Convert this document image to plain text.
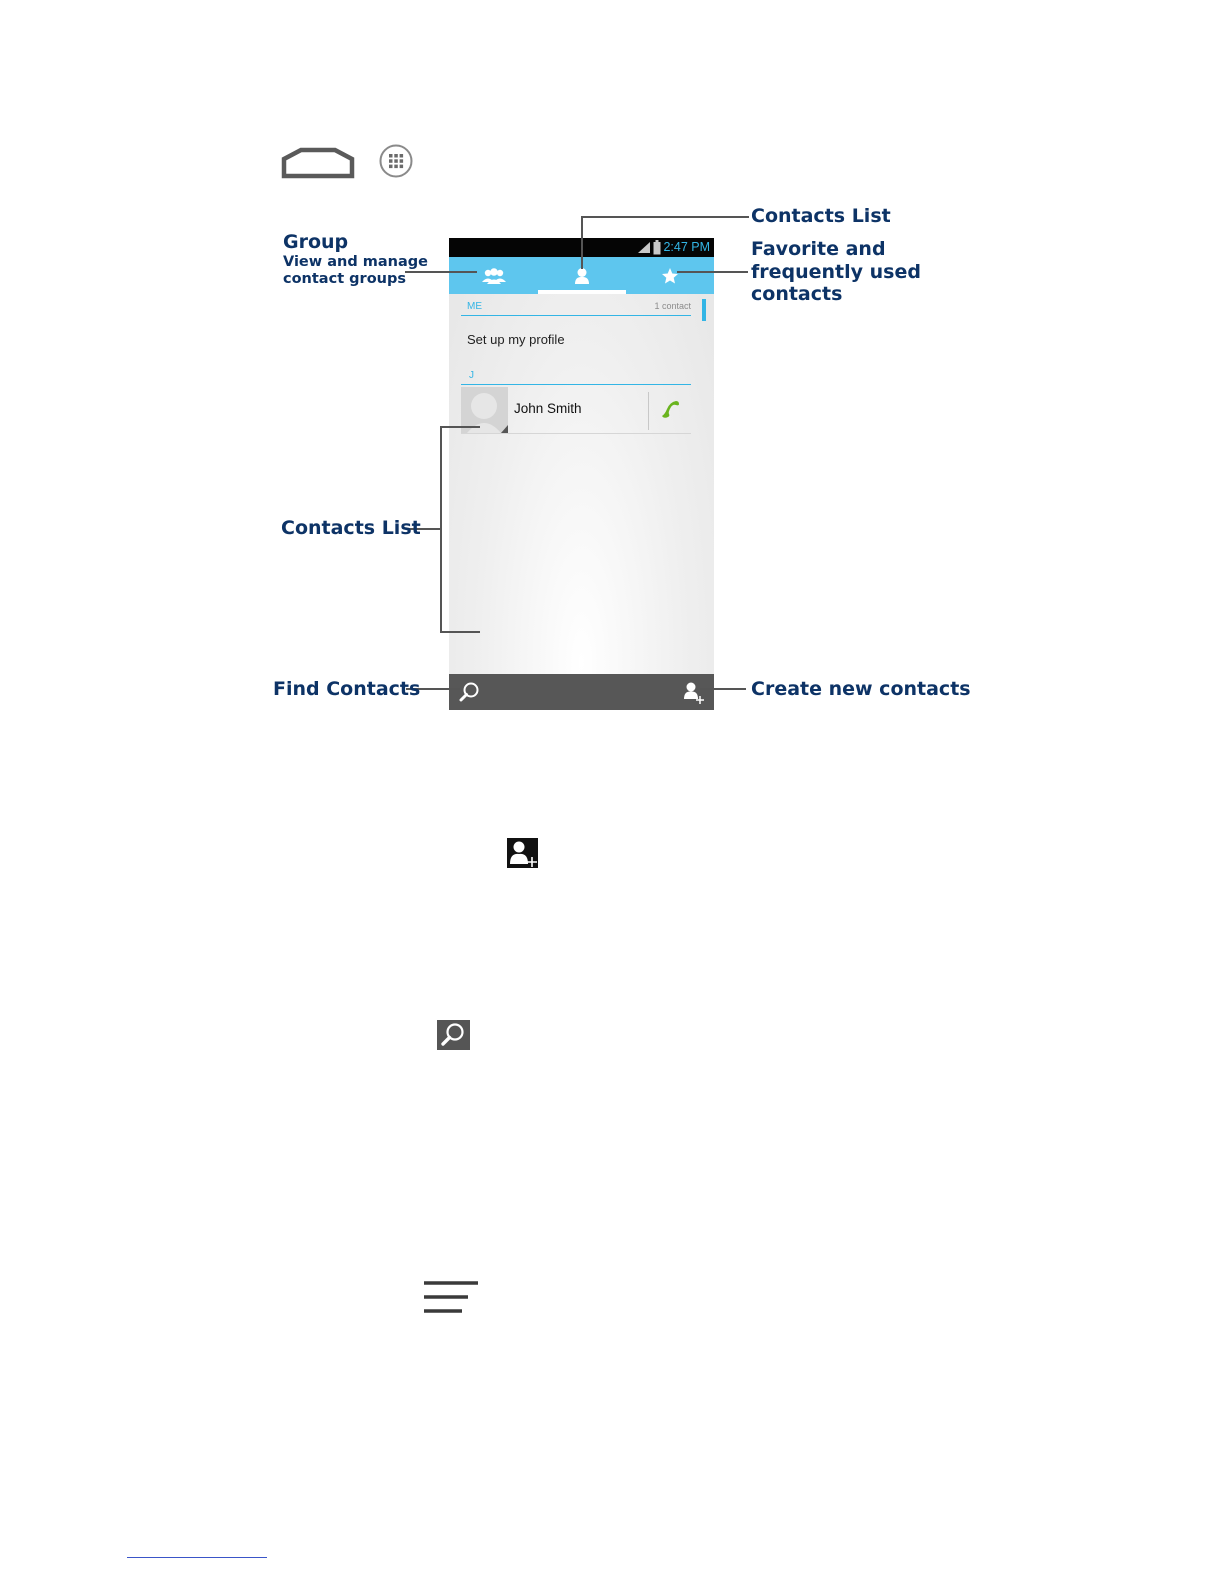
2:47 PM
ME	1 contact
Set up my profile
J
John Smith
Contacts List
Group
View and manage
contact groups
Favorite and
frequently used
contacts
Contacts List
Find Contacts	Create new contacts
